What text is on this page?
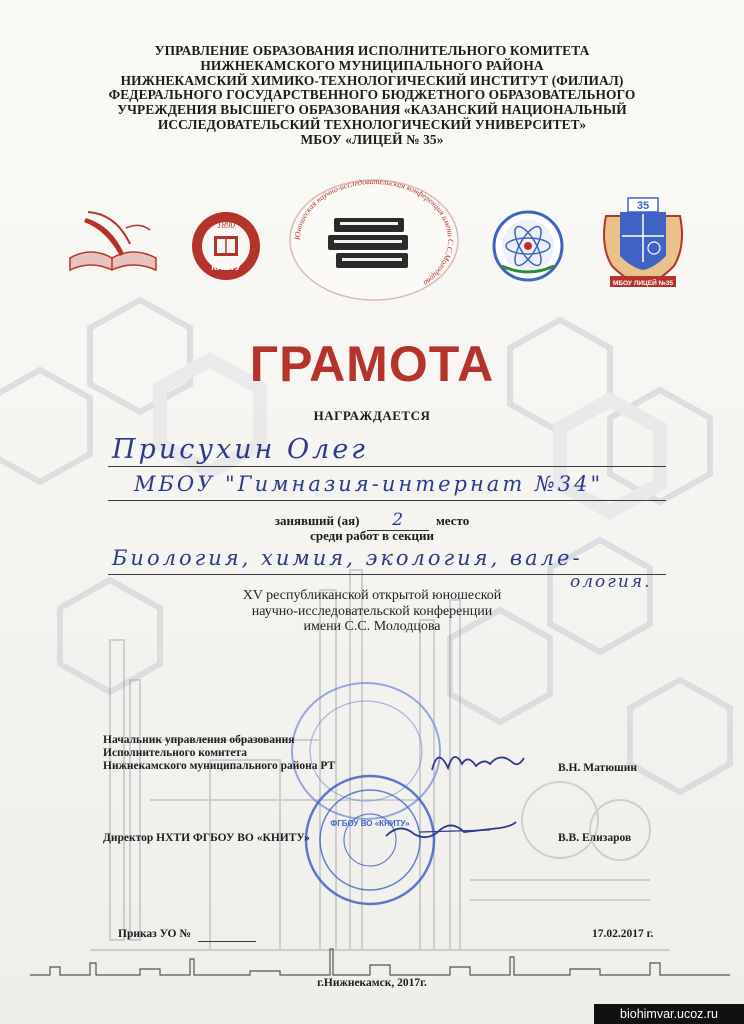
УПРАВЛЕНИЕ ОБРАЗОВАНИЯ ИСПОЛНИТЕЛЬНОГО КОМИТЕТА
НИЖНЕКАМСКОГО МУНИЦИПАЛЬНОГО РАЙОНА
НИЖНЕКАМСКИЙ ХИМИКО-ТЕХНОЛОГИЧЕСКИЙ ИНСТИТУТ (ФИЛИАЛ)
ФЕДЕРАЛЬНОГО ГОСУДАРСТВЕННОГО БЮДЖЕТНОГО ОБРАЗОВАТЕЛЬНОГО
УЧРЕЖДЕНИЯ ВЫСШЕГО ОБРАЗОВАНИЯ «КАЗАНСКИЙ НАЦИОНАЛЬНЫЙ
ИССЛЕДОВАТЕЛЬСКИЙ ТЕХНОЛОГИЧЕСКИЙ УНИВЕРСИТЕТ»
МБОУ «ЛИЦЕЙ № 35»
1890
КНИТУ
Юношеская научно-исследовательская конференция имени С.С.Молодцова
35
МБОУ ЛИЦЕЙ №35
ГРАМОТА
НАГРАЖДАЕТСЯ
Присухин Олег
МБОУ "Гимназия-интернат №34"
занявший (ая) 2	место
среди работ в секции
Биология, химия, экология, вале-
ология.
XV республиканской открытой юношеской
научно-исследовательской конференции
имени С.С. Молодцова
ФГБОУ ВО «КНИТУ»
Начальник управления образования
Исполнительного комитета
Нижнекамского муниципального района РТ	В.Н. Матюшин
Директор НХТИ ФГБОУ ВО «КНИТУ»	В.В. Елизаров
Приказ УО №	17.02.2017 г.
г.Нижнекамск, 2017г.
biohimvar.ucoz.ru
